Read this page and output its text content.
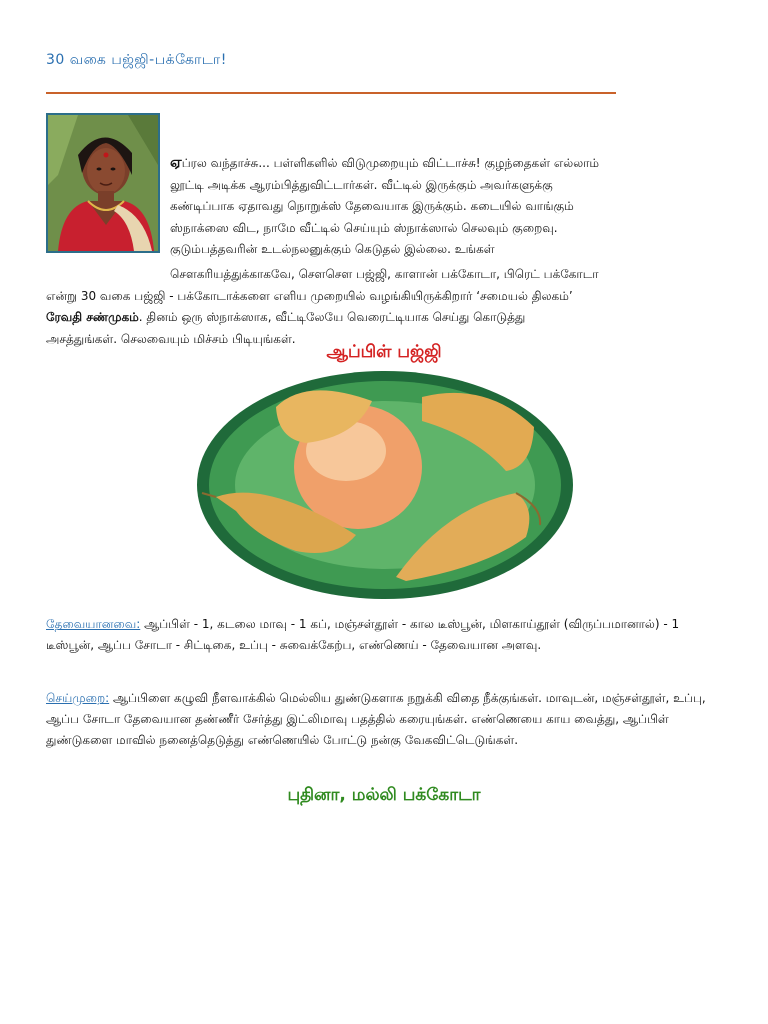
30 வகை பஜ்ஜி-பக்கோடா!
ஏப்ரல வந்தாச்சு... பள்ளிகளில் விடுமுறையும் விட்டாச்சு! குழந்தைகள் எல்லாம்
லூட்டி அடிக்க ஆரம்பித்துவிட்டார்கள். வீட்டில் இருக்கும் அவர்களுக்கு
கண்டிப்பாக ஏதாவது நொறுக்ஸ் தேவையாக இருக்கும். கடையில் வாங்கும்
ஸ்நாக்ஸை விட, நாமே வீட்டில் செய்யும் ஸ்நாக்ஸால் செலவும் குறைவு.
குடும்பத்தவரின் உடல்நலனுக்கும் கெடுதல் இல்லை. உங்கள்
சௌகரியத்துக்காகவே, சௌசௌ பஜ்ஜி, காளான் பக்கோடா, பிரெட் பக்கோடா
என்று 30 வகை பஜ்ஜி - பக்கோடாக்களை எளிய முறையில் வழங்கியிருக்கிறார் ‘சமையல் திலகம்’
ரேவதி சண்முகம். தினம் ஒரு ஸ்நாக்ஸாக, வீட்டிலேயே வெரைட்டியாக செய்து கொடுத்து
அசத்துங்கள். செலவையும் மிச்சம் பிடியுங்கள்.
ஆப்பிள் பஜ்ஜி
தேவையானவை: ஆப்பிள் - 1, கடலை மாவு - 1 கப், மஞ்சள்தூள் - கால டீஸ்பூன், மிளகாய்தூள் (விருப்பமானால்) - 1 டீஸ்பூன், ஆப்ப சோடா - சிட்டிகை, உப்பு - சுவைக்கேற்ப, எண்ணெய் - தேவையான அளவு.
செய்முறை: ஆப்பிளை கழுவி நீளவாக்கில் மெல்லிய துண்டுகளாக நறுக்கி விதை நீக்குங்கள். மாவுடன், மஞ்சள்தூள், உப்பு, ஆப்ப சோடா தேவையான தண்ணீர் சேர்த்து இட்லிமாவு பதத்தில் கரையுங்கள். எண்ணெயை காய வைத்து, ஆப்பிள் துண்டுகளை மாவில் நனைத்தெடுத்து எண்ணெயில் போட்டு நன்கு வேகவிட்டெடுங்கள்.
புதினா, மல்லி பக்கோடா
